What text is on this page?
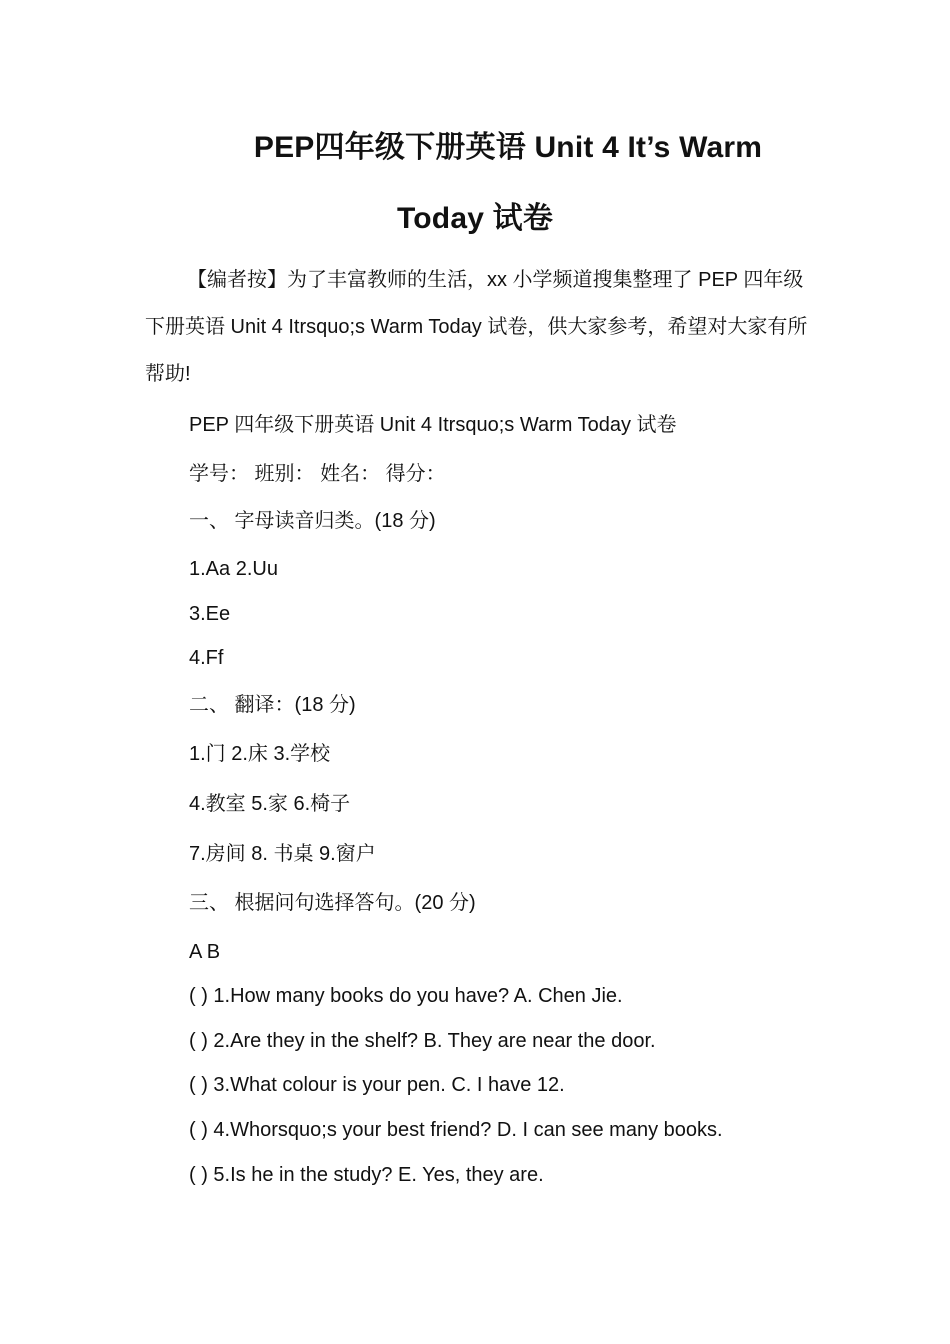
PEP四年级下册英语 Unit 4 It’s Warm
Today 试卷
【编者按】为了丰富教师的生活，xx 小学频道搜集整理了 PEP 四年级下册英语 Unit 4 Itrsquo;s Warm Today 试卷，供大家参考，希望对大家有所帮助!
PEP 四年级下册英语 Unit 4 Itrsquo;s Warm Today 试卷
学号： 班别： 姓名： 得分：
一、 字母读音归类。(18 分)
1.Aa 2.Uu
3.Ee
4.Ff
二、 翻译：(18 分)
1.门 2.床 3.学校
4.教室 5.家 6.椅子
7.房间 8. 书桌 9.窗户
三、 根据问句选择答句。(20 分)
A B
( ) 1.How many books do you have? A. Chen Jie.
( ) 2.Are they in the shelf? B. They are near the door.
( ) 3.What colour is your pen. C. I have 12.
( ) 4.Whorsquo;s your best friend? D. I can see many books.
( ) 5.Is he in the study? E. Yes, they are.
